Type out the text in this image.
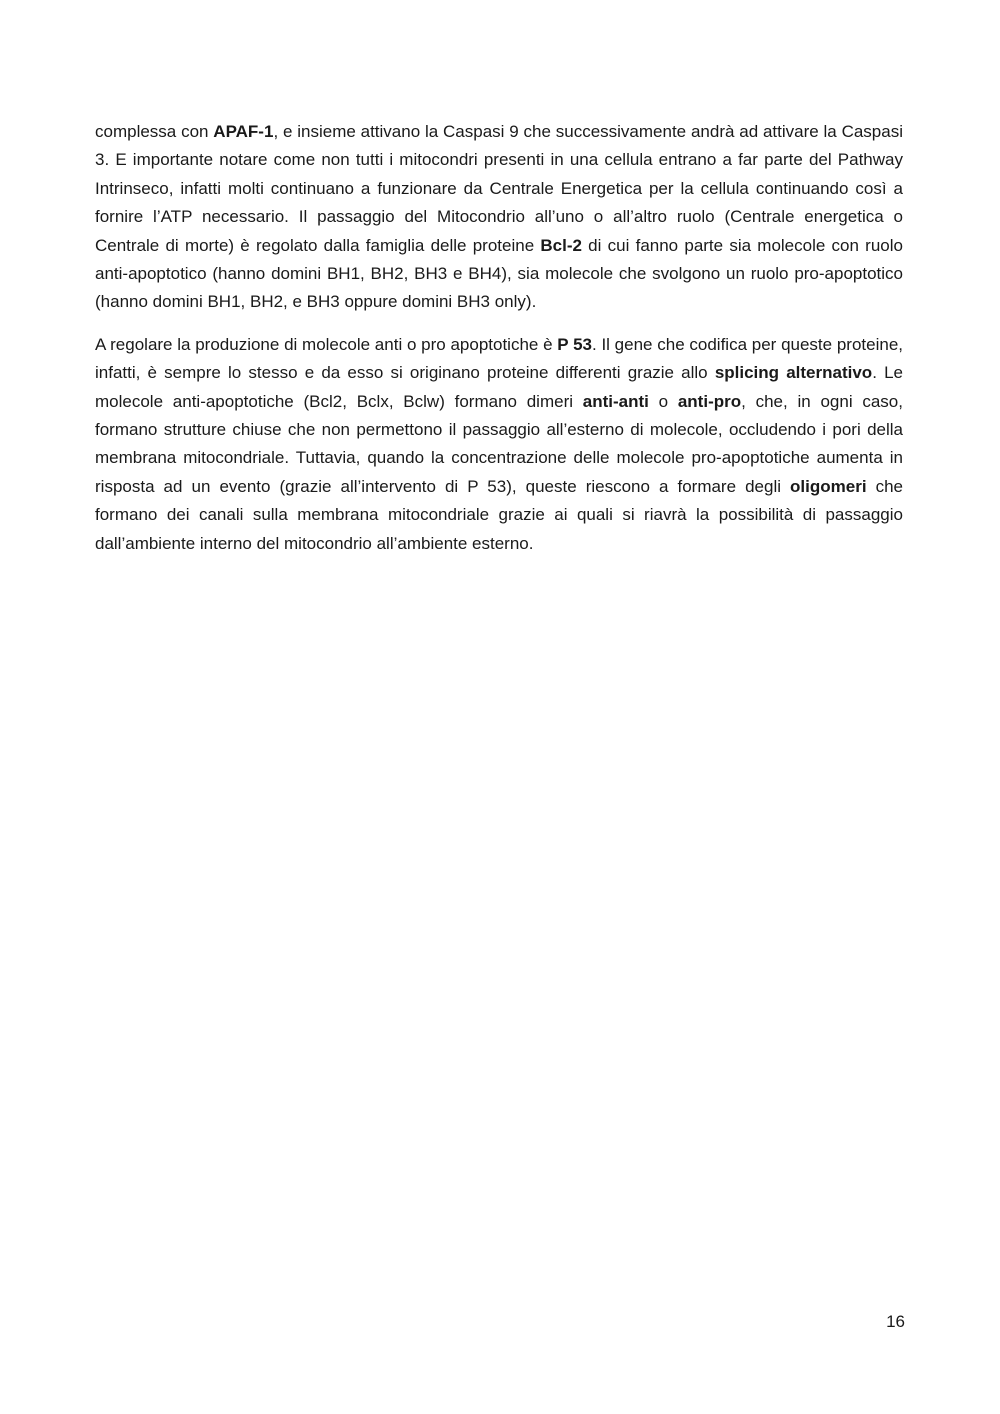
complessa con APAF-1, e insieme attivano la Caspasi 9 che successivamente andrà ad attivare la Caspasi 3. E importante notare come non tutti i mitocondri presenti in una cellula entrano a far parte del Pathway Intrinseco, infatti molti continuano a funzionare da Centrale Energetica per la cellula continuando così a fornire l’ATP necessario. Il passaggio del Mitocondrio all’uno o all’altro ruolo (Centrale energetica o Centrale di morte) è regolato dalla famiglia delle proteine Bcl-2 di cui fanno parte sia molecole con ruolo anti-apoptotico (hanno domini BH1, BH2, BH3 e BH4), sia molecole che svolgono un ruolo pro-apoptotico (hanno domini BH1, BH2, e BH3 oppure domini BH3 only).

A regolare la produzione di molecole anti o pro apoptotiche è P 53. Il gene che codifica per queste proteine, infatti, è sempre lo stesso e da esso si originano proteine differenti grazie allo splicing alternativo. Le molecole anti-apoptotiche (Bcl2, Bclx, Bclw) formano dimeri anti-anti o anti-pro, che, in ogni caso, formano strutture chiuse che non permettono il passaggio all’esterno di molecole, occludendo i pori della membrana mitocondriale. Tuttavia, quando la concentrazione delle molecole pro-apoptotiche aumenta in risposta ad un evento (grazie all’intervento di P 53), queste riescono a formare degli oligomeri che formano dei canali sulla membrana mitocondriale grazie ai quali si riavrà la possibilità di passaggio dall’ambiente interno del mitocondrio all’ambiente esterno.

16
